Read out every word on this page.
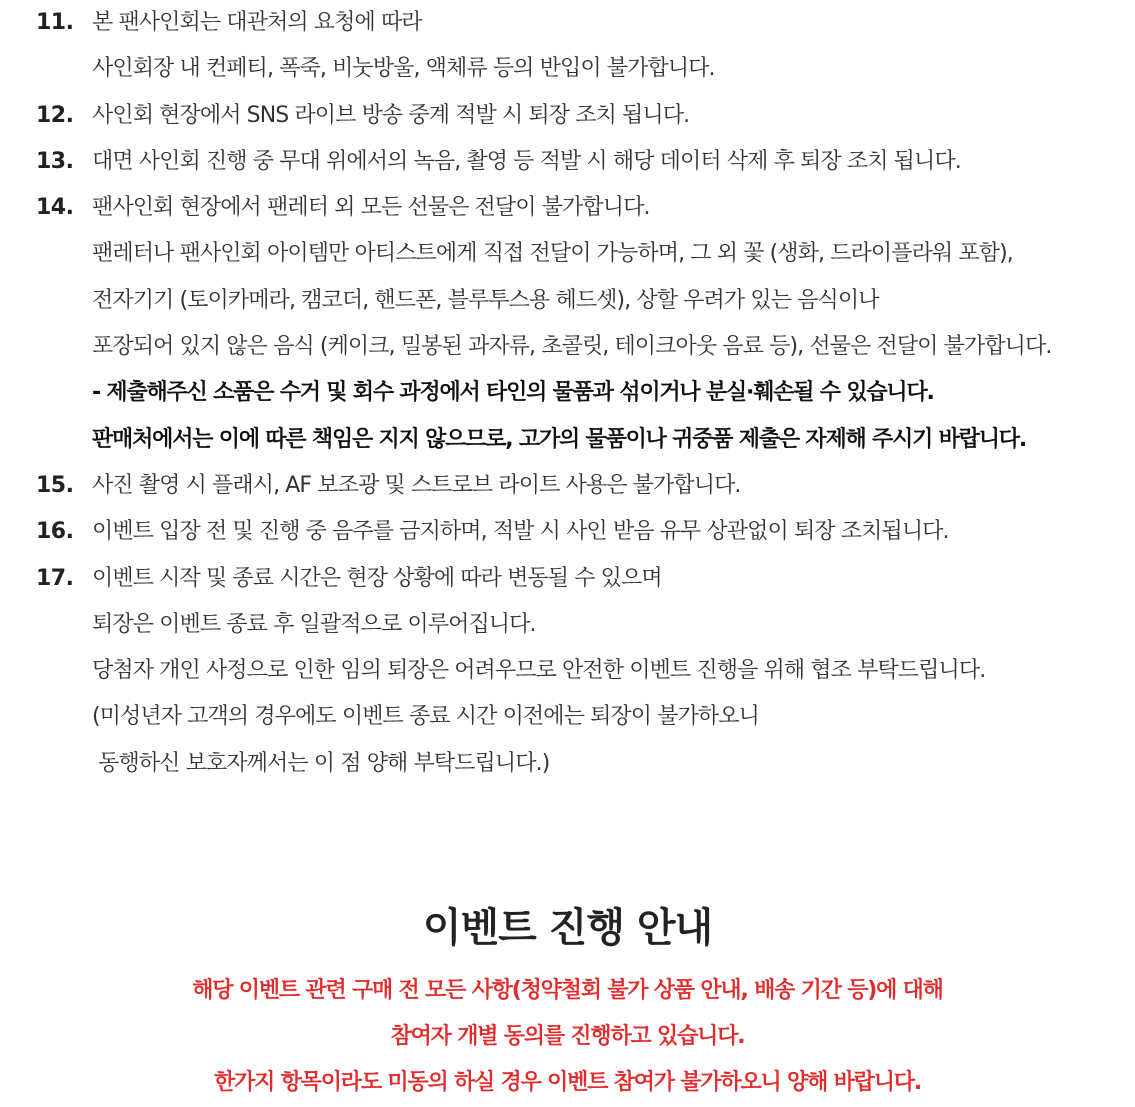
11. 본 팬사인회는 대관처의 요청에 따라
사인회장 내 컨페티, 폭죽, 비눗방울, 액체류 등의 반입이 불가합니다.
12. 사인회 현장에서 SNS 라이브 방송 중계 적발 시 퇴장 조치 됩니다.
13. 대면 사인회 진행 중 무대 위에서의 녹음, 촬영 등 적발 시 해당 데이터 삭제 후 퇴장 조치 됩니다.
14. 팬사인회 현장에서 팬레터 외 모든 선물은 전달이 불가합니다.
팬레터나 팬사인회 아이템만 아티스트에게 직접 전달이 가능하며, 그 외 꽃 (생화, 드라이플라워 포함),
전자기기 (토이카메라, 캠코더, 핸드폰, 블루투스용 헤드셋), 상할 우려가 있는 음식이나
포장되어 있지 않은 음식 (케이크, 밀봉된 과자류, 초콜릿, 테이크아웃 음료 등), 선물은 전달이 불가합니다.
- 제출해주신 소품은 수거 및 회수 과정에서 타인의 물품과 섞이거나 분실·훼손될 수 있습니다.
판매처에서는 이에 따른 책임은 지지 않으므로, 고가의 물품이나 귀중품 제출은 자제해 주시기 바랍니다.
15. 사진 촬영 시 플래시, AF 보조광 및 스트로브 라이트 사용은 불가합니다.
16. 이벤트 입장 전 및 진행 중 음주를 금지하며, 적발 시 사인 받음 유무 상관없이 퇴장 조치됩니다.
17. 이벤트 시작 및 종료 시간은 현장 상황에 따라 변동될 수 있으며
퇴장은 이벤트 종료 후 일괄적으로 이루어집니다.
당첨자 개인 사정으로 인한 임의 퇴장은 어려우므로 안전한 이벤트 진행을 위해 협조 부탁드립니다.
(미성년자 고객의 경우에도 이벤트 종료 시간 이전에는 퇴장이 불가하오니
동행하신 보호자께서는 이 점 양해 부탁드립니다.)
이벤트 진행 안내
해당 이벤트 관련 구매 전 모든 사항(청약철회 불가 상품 안내, 배송 기간 등)에 대해
참여자 개별 동의를 진행하고 있습니다.
한가지 항목이라도 미동의 하실 경우 이벤트 참여가 불가하오니 양해 바랍니다.
